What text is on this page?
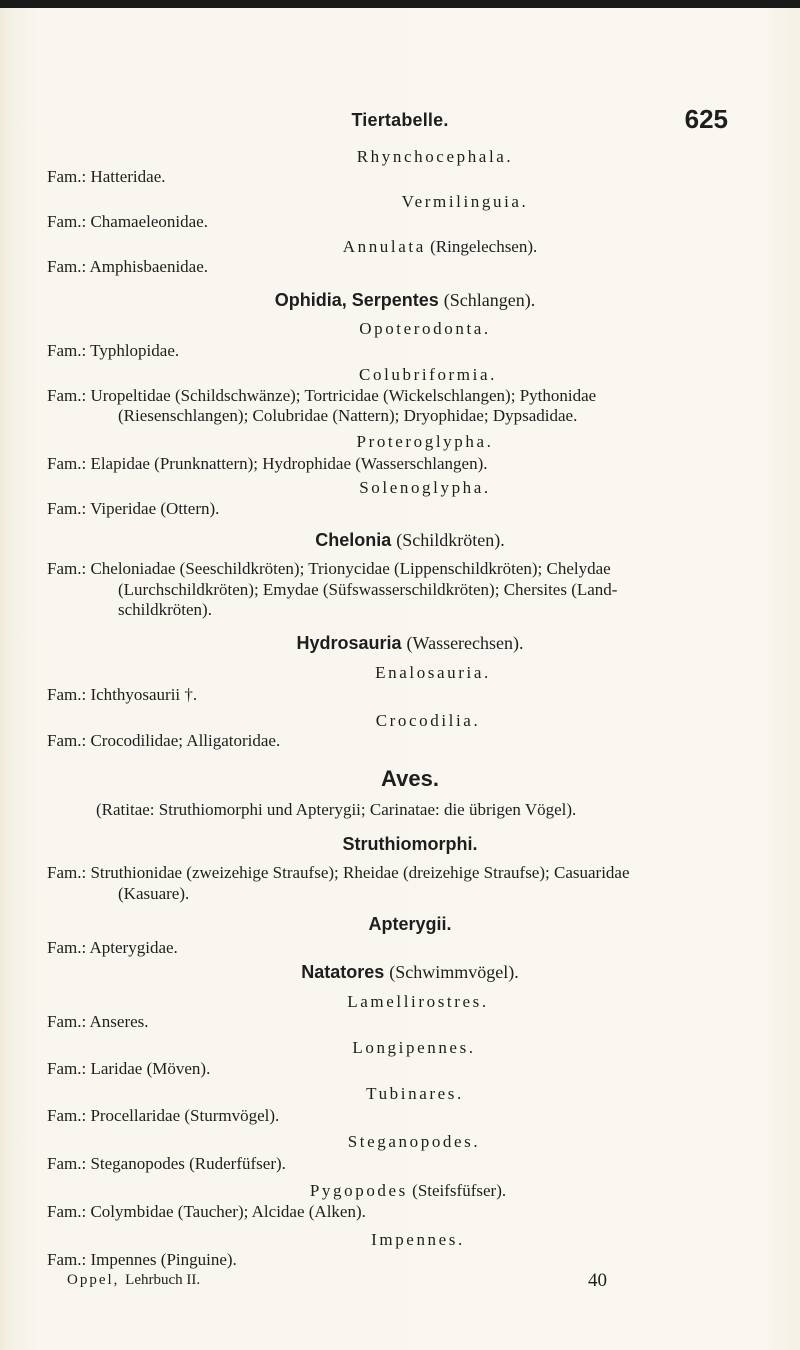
Tiertabelle.	625
Rhynchocephala.
Fam.: Hatteridae.
Vermilinguia.
Fam.: Chamaeleonidae.
Annulata (Ringelechsen).
Fam.: Amphisbaenidae.
Ophidia, Serpentes (Schlangen).
Opoterodonta.
Fam.: Typhlopidae.
Colubriformia.
Fam.: Uropeltidae (Schildschwänze); Tortricidae (Wickelschlangen); Pythonidae
(Riesenschlangen); Colubridae (Nattern); Dryophidae; Dypsadidae.
Proteroglypha.
Fam.: Elapidae (Prunknattern); Hydrophidae (Wasserschlangen).
Solenoglypha.
Fam.: Viperidae (Ottern).
Chelonia (Schildkröten).
Fam.: Cheloniadae (Seeschildkröten); Trionycidae (Lippenschildkröten); Chelydae
(Lurchschildkröten); Emydae (Süfswasserschildkröten); Chersites (Land-
schildkröten).
Hydrosauria (Wasserechsen).
Enalosauria.
Fam.: Ichthyosaurii †.
Crocodilia.
Fam.: Crocodilidae; Alligatoridae.
Aves.
(Ratitae: Struthiomorphi und Apterygii; Carinatae: die übrigen Vögel).
Struthiomorphi.
Fam.: Struthionidae (zweizehige Straufse); Rheidae (dreizehige Straufse); Casuaridae
(Kasuare).
Apterygii.
Fam.: Apterygidae.
Natatores (Schwimmvögel).
Lamellirostres.
Fam.: Anseres.
Longipennes.
Fam.: Laridae (Möven).
Tubinares.
Fam.: Procellaridae (Sturmvögel).
Steganopodes.
Fam.: Steganopodes (Ruderfüfser).
Pygopodes (Steifsfüfser).
Fam.: Colymbidae (Taucher); Alcidae (Alken).
Impennes.
Fam.: Impennes (Pinguine).
Oppel, Lehrbuch II.	40
